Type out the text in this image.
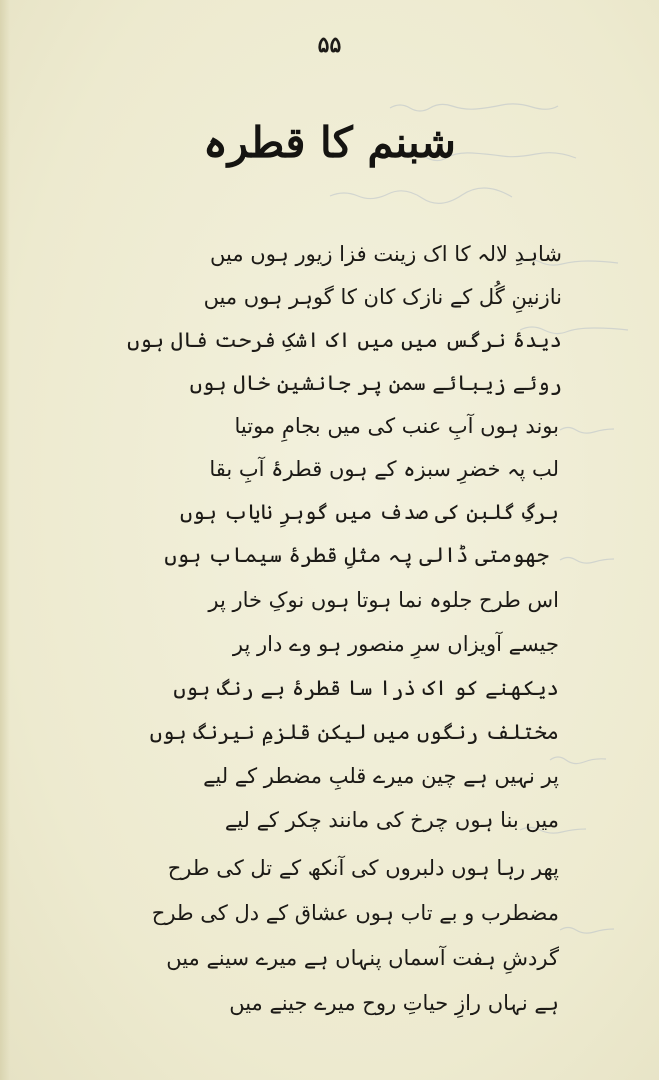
۵۵
شبنم کا قطرہ
شاہدِ لالہ کا اک زینت فزا زیور ہوں میں
نازنینِ گُل کے نازک کان کا گوہر ہوں میں
دیدۂ نرگس میں میں اک اشکِ فرحت فال ہوں
روئے زیبائے سمن پر جانشینِ خال ہوں
بوند ہوں آبِ عنب کی میں بجامِ موتیا
لب پہ خضرِ سبزہ کے ہوں قطرۂ آبِ بقا
برگِ گلبن کی صدف میں گوہرِ نایاب ہوں
جھومتی ڈالی پہ مثلِ قطرۂ سیماب ہوں
اس طرح جلوہ نما ہوتا ہوں نوکِ خار پر
جیسے آویزاں سرِ منصور ہو وے دار پر
دیکھنے کو اک ذرا سا قطرۂ بے رنگ ہوں
مختلف رنگوں میں لیکن قلزمِ نیرنگ ہوں
پر نہیں ہے چین میرے قلبِ مضطر کے لیے
میں بنا ہوں چرخ کی مانند چکر کے لیے
پھر رہا ہوں دلبروں کی آنکھ کے تل کی طرح
مضطرب و بے تاب ہوں عشاق کے دل کی طرح
گردشِ ہفت آسماں پنہاں ہے میرے سینے میں
ہے نہاں رازِ حیاتِ روح میرے جینے میں
